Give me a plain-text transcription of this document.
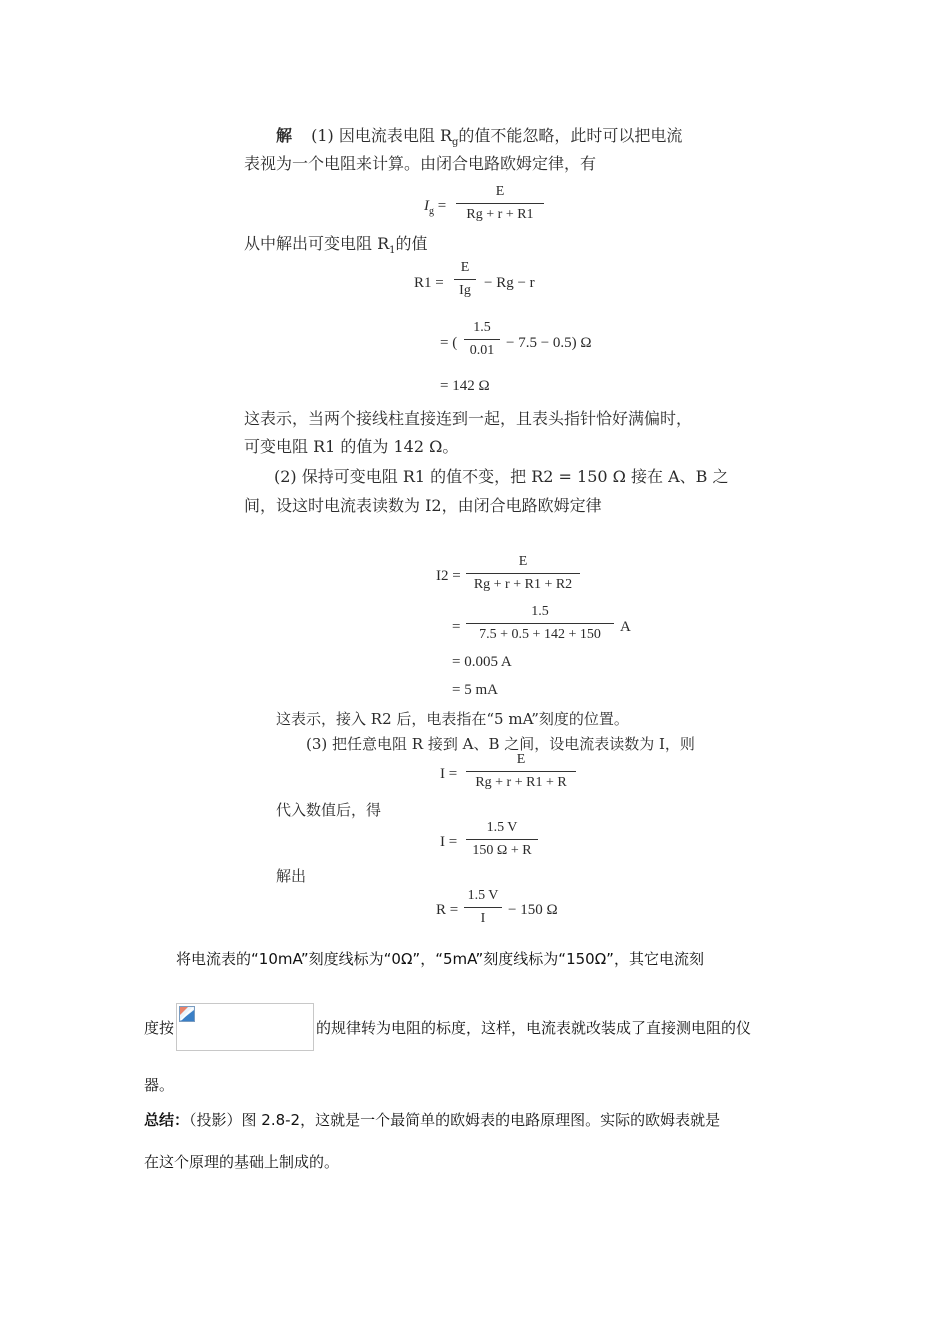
解 (1) 因电流表电阻 $R_g$的值不能忽略，此时可以把电流
表视为一个电阻来计算。由闭合电路欧姆定律，有
$I_g = \frac{E}{Rg + r + R1}$
从中解出可变电阻 $R_1$的值
$R1 = \frac{E}{Ig} - Rg - r$
= ( $\frac{1.5}{0.01} - 7.5 - 0.5$) Ω
= 142 Ω
这表示，当两个接线柱直接连到一起，且表头指针恰好满偏时，
可变电阻 R1 的值为 142 Ω。
(2) 保持可变电阻 R1 的值不变，把 R2 = 150 Ω 接在 A、B 之
间，设这时电流表读数为 I2，由闭合电路欧姆定律
$I2 = \frac{E}{Rg + r + R1 + R2}$
= $\frac{1.5}{7.5 + 0.5 + 142 + 150}$ A
= 0.005 A
= 5 mA
这表示，接入 R2 后，电表指在“5 mA”刻度的位置。
(3) 把任意电阻 R 接到 A、B 之间，设电流表读数为 I，则
$I = \frac{E}{Rg + r + R1 + R}$
代入数值后，得
$I = \frac{1.5 V}{150 \Omega + R}$
解出
$R = \frac{1.5 V}{I} - 150$ Ω
将电流表的“10mA”刻度线标为“0Ω”，“5mA”刻度线标为“150Ω”，其它电流刻
度按	的规律转为电阻的标度，这样，电流表就改装成了直接测电阻的仪
器。
总结：（投影）图 2.8-2，这就是一个最简单的欧姆表的电路原理图。实际的欧姆表就是
在这个原理的基础上制成的。
